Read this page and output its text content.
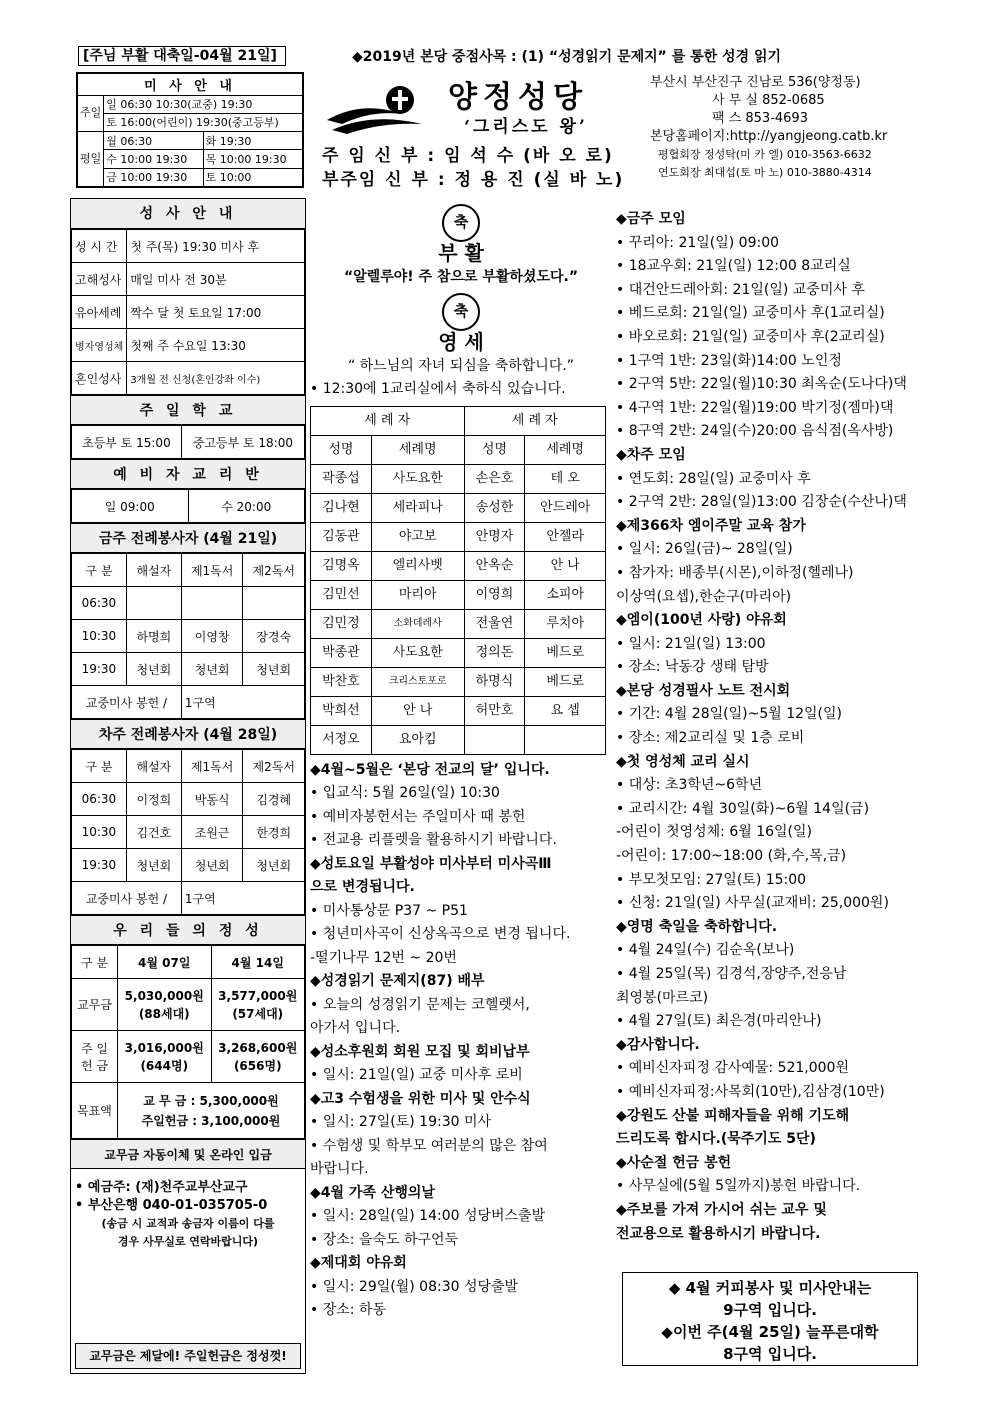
[주님 부활 대축일-04월 21일]	◆2019년 본당 중점사목 : (1) “성경읽기 문제지” 를 통한 성경 읽기
미 사 안 내		
주일	일 06:30 10:30(교중) 19:30	
	토 16:00(어린이) 19:30(중고등부)	
평일	월 06:30	화 19:30
	수 10:00 19:30	목 10:00 19:30
	금 10:00 19:30	토 10:00
양정성당
‘그리스도 왕’
주 임 신 부 : 임 석 수 (바 오 로)
부주임 신 부 : 정 용 진 (실 바 노)
부산시 부산진구 진남로 536(양정동)
사 무 실 852-0685
팩 스 853-4693
본당홈페이지:http://yangjeong.catb.kr
평협회장 정성탁(미 카 엘) 010-3563-6632
연도회장 최대섭(토 마 노) 010-3880-4314
성 사 안 내
성 시 간	첫 주(목) 19:30 미사 후
고해성사	매일 미사 전 30분
유아세례	짝수 달 첫 토요일 17:00
병자영성체	첫째 주 수요일 13:30
혼인성사	3개월 전 신청(혼인강좌 이수)
주 일 학 교
초등부 토 15:00	중고등부 토 18:00
예 비 자 교 리 반
일 09:00	수 20:00
금주 전례봉사자 (4월 21일)
구 분	해설자	제1독서	제2독서
06:30			
10:30	하명희	이영창	장경숙
19:30	청년회	청년회	청년회
교중미사 봉헌 /		1구역	
차주 전례봉사자 (4월 28일)
구 분	해설자	제1독서	제2독서
06:30	이정희	박동식	김경혜
10:30	김건호	조원근	한경희
19:30	청년회	청년회	청년회
교중미사 봉헌 /		1구역	
우 리 들 의 정 성
구 분	4월 07일	4월 14일
교무금	5,030,000원 (88세대)	3,577,000원 (57세대)
주 일 헌 금	3,016,000원 (644명)	3,268,600원 (656명)
목표액	교 무 금 : 5,300,000원
주일헌금 : 3,100,000원	
교무금 자동이체 및 온라인 입금
• 예금주: (재)천주교부산교구
• 부산은행 040-01-035705-0
(송금 시 교적과 송금자 이름이 다를
경우 사무실로 연락바랍니다)
교무금은 제달에! 주일헌금은 정성껏!
축
부 활
“알렐루야! 주 참으로 부활하셨도다.”
축
영 세
“ 하느님의 자녀 되심을 축하합니다.”
• 12:30에 1교리실에서 축하식 있습니다.
세 례 자		세 례 자	
성명	세례명	성명	세례명
곽종섭	사도요한	손은호	테 오
김나현	세라피나	송성한	안드레아
김동관	야고보	안명자	안젤라
김명옥	엘리사벳	안옥순	안 나
김민선	마리아	이영희	소피아
김민정	소화데레사	전울연	루치아
박종관	사도요한	정의돈	베드로
박찬호	크리스토포로	하명식	베드로
박희선	안 나	허만호	요 셉
서정오	요아킴		
◆4월~5월은 ‘본당 전교의 달’ 입니다.
• 입교식: 5월 26일(일) 10:30
• 예비자봉헌서는 주일미사 때 봉헌
• 전교용 리플렛을 활용하시기 바랍니다.
◆성토요일 부활성야 미사부터 미사곡Ⅲ
으로 변경됩니다.
• 미사통상문 P37 ~ P51
• 청년미사곡이 신상옥곡으로 변경 됩니다.
-떨기나무 12번 ~ 20번
◆성경읽기 문제지(87) 배부
• 오늘의 성경읽기 문제는 코헬렛서,
아가서 입니다.
◆성소후원회 회원 모집 및 회비납부
• 일시: 21일(일) 교중 미사후 로비
◆고3 수험생을 위한 미사 및 안수식
• 일시: 27일(토) 19:30 미사
• 수험생 및 학부모 여러분의 많은 참여
바랍니다.
◆4월 가족 산행의날
• 일시: 28일(일) 14:00 성당버스출발
• 장소: 을숙도 하구언둑
◆제대회 야유회
• 일시: 29일(월) 08:30 성당출발
• 장소: 하동
◆금주 모임
• 꾸리아: 21일(일) 09:00
• 18교우회: 21일(일) 12:00 8교리실
• 대건안드레아회: 21일(일) 교중미사 후
• 베드로회: 21일(일) 교중미사 후(1교리실)
• 바오로회: 21일(일) 교중미사 후(2교리실)
• 1구역 1반: 23일(화)14:00 노인정
• 2구역 5반: 22일(월)10:30 최옥순(도나다)댁
• 4구역 1반: 22일(월)19:00 박기정(젬마)댁
• 8구역 2반: 24일(수)20:00 음식점(옥사방)
◆차주 모임
• 연도회: 28일(일) 교중미사 후
• 2구역 2반: 28일(일)13:00 김장순(수산나)댁
◆제366차 엠이주말 교육 참가
• 일시: 26일(금)~ 28일(일)
• 참가자: 배종부(시몬),이하정(헬레나)
이상역(요셉),한순구(마리아)
◆엠이(100년 사랑) 야유회
• 일시: 21일(일) 13:00
• 장소: 낙동강 생태 탐방
◆본당 성경필사 노트 전시회
• 기간: 4월 28일(일)~5월 12일(일)
• 장소: 제2교리실 및 1층 로비
◆첫 영성체 교리 실시
• 대상: 초3학년~6학년
• 교리시간: 4월 30일(화)~6월 14일(금)
-어린이 첫영성체: 6월 16일(일)
-어린이: 17:00~18:00 (화,수,목,금)
• 부모첫모임: 27일(토) 15:00
• 신청: 21일(일) 사무실(교재비: 25,000원)
◆영명 축일을 축하합니다.
• 4월 24일(수) 김순옥(보나)
• 4월 25일(목) 김경석,장양주,전응남
최영봉(마르코)
• 4월 27일(토) 최은경(마리안나)
◆감사합니다.
• 예비신자피정 감사예물: 521,000원
• 예비신자피정:사목회(10만),김삼경(10만)
◆강원도 산불 피해자들을 위해 기도해
드리도록 합시다.(묵주기도 5단)
◆사순절 헌금 봉헌
• 사무실에(5월 5일까지)봉헌 바랍니다.
◆주보를 가져 가시어 쉬는 교우 및
전교용으로 활용하시기 바랍니다.
◆ 4월 커피봉사 및 미사안내는
9구역 입니다.
◆이번 주(4월 25일) 늘푸른대학
8구역 입니다.
